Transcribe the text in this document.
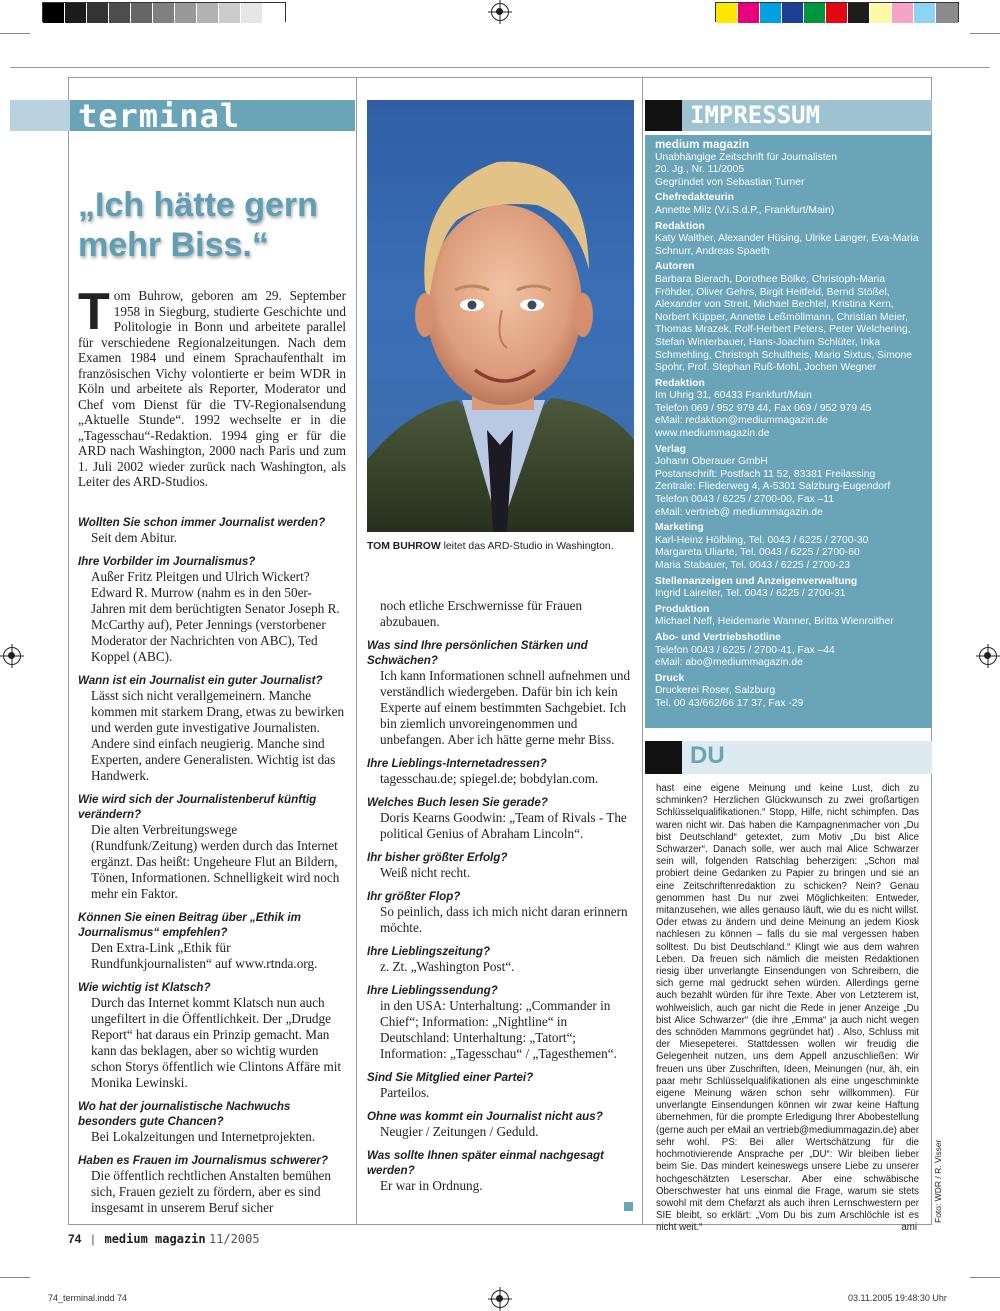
terminal
„Ich hätte gern mehr Biss.“
Tom Buhrow, geboren am 29. September 1958 in Siegburg, studierte Geschichte und Politologie in Bonn und arbeitete parallel für verschiedene Regionalzeitungen. Nach dem Examen 1984 und einem Sprachaufenthalt im französischen Vichy volontierte er beim WDR in Köln und arbeitete als Reporter, Moderator und Chef vom Dienst für die TV-Regionalsendung „Aktuelle Stunde“. 1992 wechselte er in die „Tagesschau“-Redaktion. 1994 ging er für die ARD nach Washington, 2000 nach Paris und zum 1. Juli 2002 wieder zurück nach Washington, als Leiter des ARD-Studios.
Wollten Sie schon immer Journalist werden?
Seit dem Abitur.
Ihre Vorbilder im Journalismus?
Außer Fritz Pleitgen und Ulrich Wickert? Edward R. Murrow (nahm es in den 50er-Jahren mit dem berüchtigten Senator Joseph R. McCarthy auf), Peter Jennings (verstorbener Moderator der Nachrichten von ABC), Ted Koppel (ABC).
Wann ist ein Journalist ein guter Journalist?
Lässt sich nicht verallgemeinern. Manche kommen mit starkem Drang, etwas zu bewirken und werden gute investigative Journalisten. Andere sind einfach neugierig. Manche sind Experten, andere Generalisten. Wichtig ist das Handwerk.
Wie wird sich der Journalistenberuf künftig verändern?
Die alten Verbreitungswege (Rundfunk/Zeitung) werden durch das Internet ergänzt. Das heißt: Ungeheure Flut an Bildern, Tönen, Informationen. Schnelligkeit wird noch mehr ein Faktor.
Können Sie einen Beitrag über „Ethik im Journalismus“ empfehlen?
Den Extra-Link „Ethik für Rundfunkjournalisten“ auf www.rtnda.org.
Wie wichtig ist Klatsch?
Durch das Internet kommt Klatsch nun auch ungefiltert in die Öffentlichkeit. Der „Drudge Report“ hat daraus ein Prinzip gemacht. Man kann das beklagen, aber so wichtig wurden schon Storys öffentlich wie Clintons Affäre mit Monika Lewinski.
Wo hat der journalistische Nachwuchs besonders gute Chancen?
Bei Lokalzeitungen und Internetprojekten.
Haben es Frauen im Journalismus schwerer?
Die öffentlich rechtlichen Anstalten bemühen sich, Frauen gezielt zu fördern, aber es sind insgesamt in unserem Beruf sicher
TOM BUHROW leitet das ARD-Studio in Washington.
noch etliche Erschwernisse für Frauen abzubauen.
Was sind Ihre persönlichen Stärken und Schwächen?
Ich kann Informationen schnell aufnehmen und verständlich wiedergeben. Dafür bin ich kein Experte auf einem bestimmten Sachgebiet. Ich bin ziemlich unvoreingenommen und unbefangen. Aber ich hätte gerne mehr Biss.
Ihre Lieblings-Internetadressen?
tagesschau.de; spiegel.de; bobdylan.com.
Welches Buch lesen Sie gerade?
Doris Kearns Goodwin: „Team of Rivals - The political Genius of Abraham Lincoln“.
Ihr bisher größter Erfolg?
Weiß nicht recht.
Ihr größter Flop?
So peinlich, dass ich mich nicht daran erinnern möchte.
Ihre Lieblingszeitung?
z. Zt. „Washington Post“.
Ihre Lieblingssendung?
in den USA: Unterhaltung: „Commander in Chief“; Information: „Nightline“ in Deutschland: Unterhaltung: „Tatort“; Information: „Tagesschau“ / „Tagesthemen“.
Sind Sie Mitglied einer Partei?
Parteilos.
Ohne was kommt ein Journalist nicht aus?
Neugier / Zeitungen / Geduld.
Was sollte Ihnen später einmal nachgesagt werden?
Er war in Ordnung.
IMPRESSUM
medium magazin
Unabhängige Zeitschrift für Journalisten
20. Jg., Nr. 11/2005
Gegründet von Sebastian Turner
Chefredakteurin
Annette Milz (V.i.S.d.P., Frankfurt/Main)
Redaktion
Katy Walther, Alexander Hüsing, Ulrike Langer, Eva-Maria Schnurr, Andreas Spaeth
Autoren
Barbara Bierach, Dorothee Bölke, Christoph-Maria Fröhder, Oliver Gehrs, Birgit Heitfeld, Bernd Stößel, Alexander von Streit, Michael Bechtel, Kristina Kern, Norbert Küpper, Annette Leßmöllmann, Christian Meier, Thomas Mrazek, Rolf-Herbert Peters, Peter Welchering, Stefan Winterbauer, Hans-Joachim Schlüter, Inka Schmehling, Christoph Schultheis, Mario Sixtus, Simone Spohr, Prof. Stephan Ruß-Mohl, Jochen Wegner
Redaktion
Im Uhrig 31, 60433 Frankfurt/Main
Telefon 069 / 952 979 44, Fax 069 / 952 979 45
eMail: redaktion@mediummagazin.de
www.mediummagazin.de
Verlag
Johann Oberauer GmbH
Postanschrift: Postfach 11 52, 83381 Freilassing
Zentrale: Fliederweg 4, A-5301 Salzburg-Eugendorf
Telefon 0043 / 6225 / 2700-00, Fax –11
eMail: vertrieb@ mediummagazin.de
Marketing
Karl-Heinz Hölbling, Tel. 0043 / 6225 / 2700-30
Margareta Uliarte, Tel. 0043 / 6225 / 2700-60
Maria Stabauer, Tel. 0043 / 6225 / 2700-23
Stellenanzeigen und Anzeigenverwaltung
Ingrid Laireiter, Tel. 0043 / 6225 / 2700-31
Produktion
Michael Neff, Heidemarie Wanner, Britta Wienroither
Abo- und Vertriebshotline
Telefon 0043 / 6225 / 2700-41, Fax –44
eMail: abo@mediummagazin.de
Druck
Druckerei Roser, Salzburg
Tel. 00 43/662/66 17 37, Fax -29
DU
hast eine eigene Meinung und keine Lust, dich zu schminken? Herzlichen Glückwunsch zu zwei großartigen Schlüsselqualifikationen.“ Stopp, Hilfe, nicht schimpfen. Das waren nicht wir. Das haben die Kampagnenmacher von „Du bist Deutschland“ getextet, zum Motiv „Du bist Alice Schwarzer“. Danach solle, wer auch mal Alice Schwarzer sein will, folgenden Ratschlag beherzigen: „Schon mal probiert deine Gedanken zu Papier zu bringen und sie an eine Zeitschriftenredaktion zu schicken? Nein? Genau genommen hast Du nur zwei Möglichkeiten: Entweder, mitanzusehen, wie alles genauso läuft, wie du es nicht willst. Oder etwas zu ändern und deine Meinung an jedem Kiosk nachlesen zu können – falls du sie mal vergessen haben solltest. Du bist Deutschland.“ Klingt wie aus dem wahren Leben. Da freuen sich nämlich die meisten Redaktionen riesig über unverlangte Einsendungen von Schreibern, die sich gerne mal gedruckt sehen würden. Allerdings gerne auch bezahlt würden für ihre Texte. Aber von Letzterem ist, wohlweislich, auch gar nicht die Rede in jener Anzeige „Du bist Alice Schwarzer“ (die ihre „Emma“ ja auch nicht wegen des schnöden Mammons gegründet hat) . Also, Schluss mit der Miesepeterei. Stattdessen wollen wir freudig die Gelegenheit nutzen, uns dem Appell anzuschließen: Wir freuen uns über Zuschriften, Ideen, Meinungen (nur, äh, ein paar mehr Schlüsselqualifikationen als eine ungeschminkte eigene Meinung wären schon sehr willkommen). Für unverlangte Einsendungen können wir zwar keine Haftung übernehmen, für die prompte Erledigung Ihrer Abobestellung (gerne auch per eMail an vertrieb@mediummagazin.de) aber sehr wohl. PS: Bei aller Wertschätzung für die hochmotivierende Ansprache per „DU“: Wir bleiben lieber beim Sie. Das mindert keineswegs unsere Liebe zu unserer hochgeschätzten Leserschar. Aber eine schwäbische Oberschwester hat uns einmal die Frage, warum sie stets sowohl mit dem Chefarzt als auch ihren Lernschwestern per SIE bleibt, so erklärt: „Vom Du bis zum Arschlöchle ist es nicht weit.“	ami
Foto: WDR / R. Visser
74 | medium magazin 11/2005
74_terminal.indd 74	03.11.2005 19:48:30 Uhr
